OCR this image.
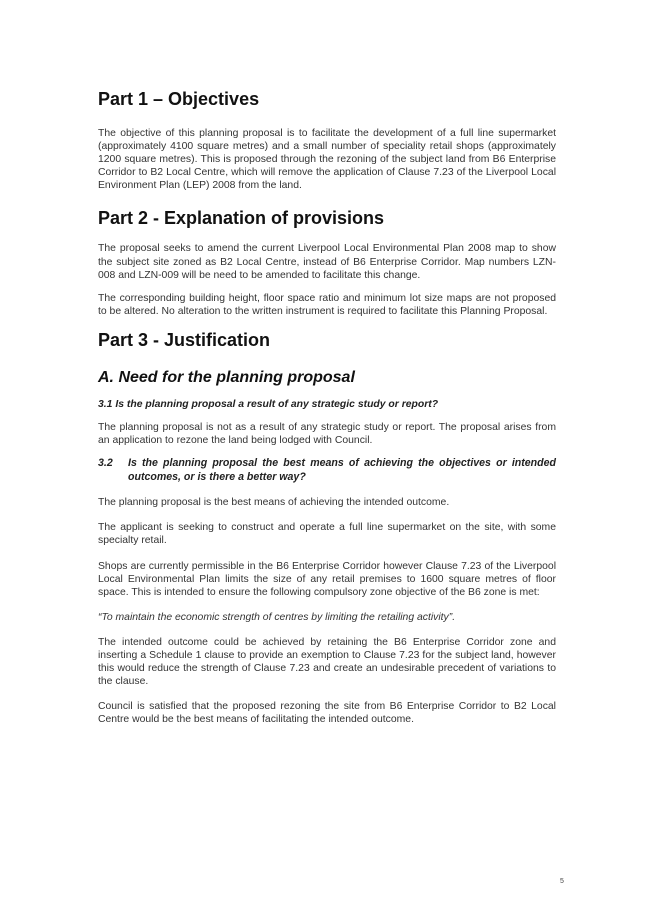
Part 1 – Objectives

The objective of this planning proposal is to facilitate the development of a full line supermarket (approximately 4100 square metres) and a small number of speciality retail shops (approximately 1200 square metres). This is proposed through the rezoning of the subject land from B6 Enterprise Corridor to B2 Local Centre, which will remove the application of Clause 7.23 of the Liverpool Local Environment Plan (LEP) 2008 from the land.

Part 2 - Explanation of provisions

The proposal seeks to amend the current Liverpool Local Environmental Plan 2008 map to show the subject site zoned as B2 Local Centre, instead of B6 Enterprise Corridor. Map numbers LZN-008 and LZN-009 will be need to be amended to facilitate this change.

The corresponding building height, floor space ratio and minimum lot size maps are not proposed to be altered. No alteration to the written instrument is required to facilitate this Planning Proposal.

Part 3 - Justification
A. Need for the planning proposal

3.1 Is the planning proposal a result of any strategic study or report?

The planning proposal is not as a result of any strategic study or report. The proposal arises from an application to rezone the land being lodged with Council.

3.2	Is the planning proposal the best means of achieving the objectives or intended outcomes, or is there a better way?

The planning proposal is the best means of achieving the intended outcome.

The applicant is seeking to construct and operate a full line supermarket on the site, with some specialty retail.

Shops are currently permissible in the B6 Enterprise Corridor however Clause 7.23 of the Liverpool Local Environmental Plan limits the size of any retail premises to 1600 square metres of floor space. This is intended to ensure the following compulsory zone objective of the B6 zone is met:

“To maintain the economic strength of centres by limiting the retailing activity”.

The intended outcome could be achieved by retaining the B6 Enterprise Corridor zone and inserting a Schedule 1 clause to provide an exemption to Clause 7.23 for the subject land, however this would reduce the strength of Clause 7.23 and create an undesirable precedent of variations to the clause.

Council is satisfied that the proposed rezoning the site from B6 Enterprise Corridor to B2 Local Centre would be the best means of facilitating the intended outcome.

5
